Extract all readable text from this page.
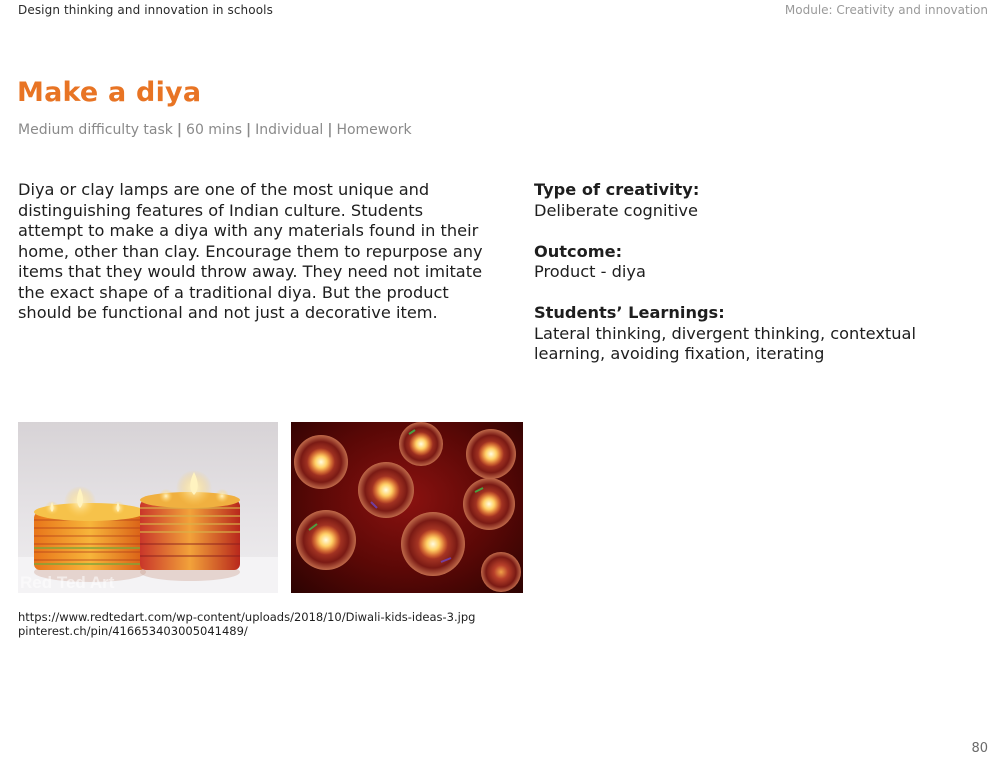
Design thinking and innovation in schools	Module: Creativity and innovation
Make a diya
Medium difficulty task | 60 mins | Individual | Homework

Diya or clay lamps are one of the most unique and distinguishing features of Indian culture. Students attempt to make a diya with any materials found in their home, other than clay. Encourage them to repurpose any items that they would throw away. They need not imitate the exact shape of a traditional diya. But the product should be functional and not just a decorative item.

Type of creativity:
Deliberate cognitive
Outcome:
Product - diya
Students’ Learnings:
Lateral thinking, divergent thinking, contextual learning, avoiding fixation, iterating
Red Ted Art
https://www.redtedart.com/wp-content/uploads/2018/10/Diwali-kids-ideas-3.jpg
pinterest.ch/pin/416653403005041489/
80
